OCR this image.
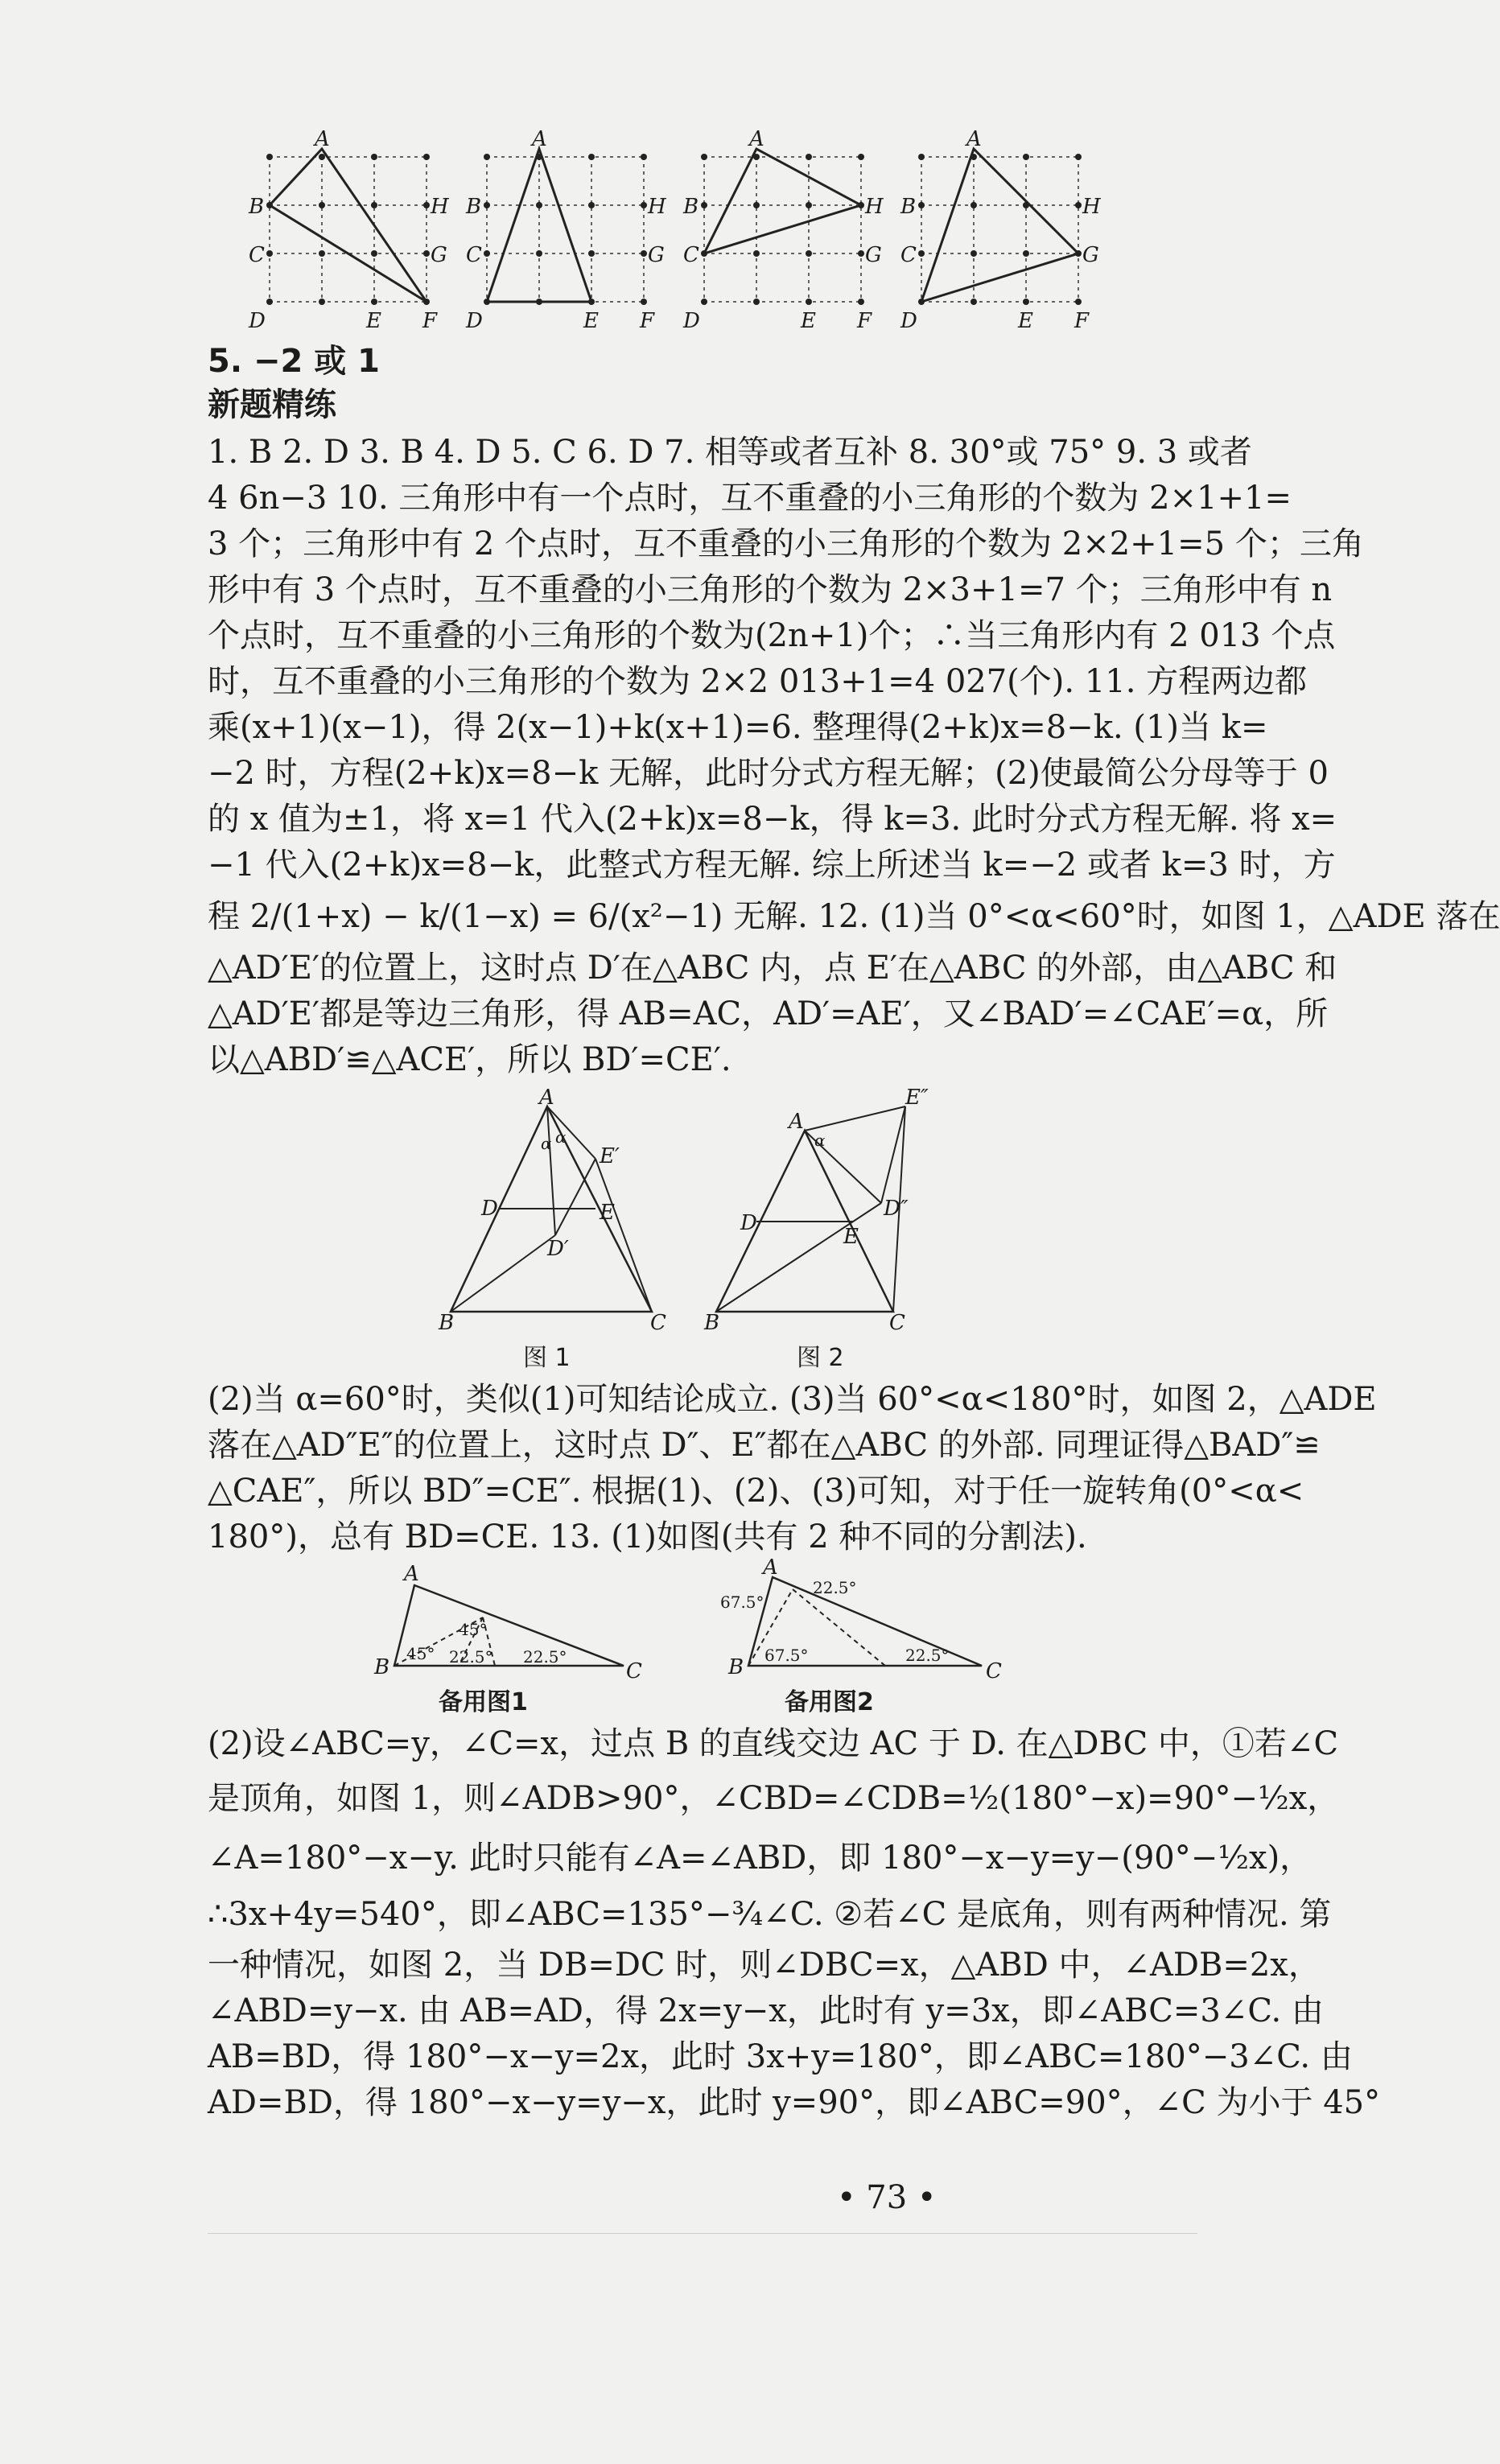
A
B	H
C	G
D	E F
A
B	H
C	G
D	E F
A
B	H
C	G
D	E F
A
B	H
C	G
D	E F
5. −2 或 1
新题精练
1. B 2. D 3. B 4. D 5. C 6. D 7. 相等或者互补 8. 30°或 75° 9. 3 或者
4 6n−3 10. 三角形中有一个点时，互不重叠的小三角形的个数为 2×1+1=
3 个；三角形中有 2 个点时，互不重叠的小三角形的个数为 2×2+1=5 个；三角
形中有 3 个点时，互不重叠的小三角形的个数为 2×3+1=7 个；三角形中有 n
个点时，互不重叠的小三角形的个数为(2n+1)个；∴当三角形内有 2 013 个点
时，互不重叠的小三角形的个数为 2×2 013+1=4 027(个). 11. 方程两边都
乘(x+1)(x−1)，得 2(x−1)+k(x+1)=6. 整理得(2+k)x=8−k. (1)当 k=
−2 时，方程(2+k)x=8−k 无解，此时分式方程无解；(2)使最简公分母等于 0
的 x 值为±1，将 x=1 代入(2+k)x=8−k，得 k=3. 此时分式方程无解. 将 x=
−1 代入(2+k)x=8−k，此整式方程无解. 综上所述当 k=−2 或者 k=3 时，方
程 2/(1+x) − k/(1−x) = 6/(x²−1) 无解. 12. (1)当 0°<α<60°时，如图 1，△ADE 落在
△AD′E′的位置上，这时点 D′在△ABC 内，点 E′在△ABC 的外部，由△ABC 和
△AD′E′都是等边三角形，得 AB=AC，AD′=AE′，又∠BAD′=∠CAE′=α，所
以△ABD′≌△ACE′，所以 BD′=CE′.
A
α α
E′
D	E
D′
B	C
A
α
E″
D
E
D″
B	C
图 1	图 2
(2)当 α=60°时，类似(1)可知结论成立. (3)当 60°<α<180°时，如图 2，△ADE
落在△AD″E″的位置上，这时点 D″、E″都在△ABC 的外部. 同理证得△BAD″≌
△CAE″，所以 BD″=CE″. 根据(1)、(2)、(3)可知，对于任一旋转角(0°<α<
180°)，总有 BD=CE. 13. (1)如图(共有 2 种不同的分割法).
A
B	C
45°
45° 22.5° 22.5°
A
B	C
67.5°
22.5°
67.5°	22.5°
备用图1	备用图2
(2)设∠ABC=y，∠C=x，过点 B 的直线交边 AC 于 D. 在△DBC 中，①若∠C
是顶角，如图 1，则∠ADB>90°，∠CBD=∠CDB=½(180°−x)=90°−½x，
∠A=180°−x−y. 此时只能有∠A=∠ABD，即 180°−x−y=y−(90°−½x)，
∴3x+4y=540°，即∠ABC=135°−¾∠C. ②若∠C 是底角，则有两种情况. 第
一种情况，如图 2，当 DB=DC 时，则∠DBC=x，△ABD 中，∠ADB=2x，
∠ABD=y−x. 由 AB=AD，得 2x=y−x，此时有 y=3x，即∠ABC=3∠C. 由
AB=BD，得 180°−x−y=2x，此时 3x+y=180°，即∠ABC=180°−3∠C. 由
AD=BD，得 180°−x−y=y−x，此时 y=90°，即∠ABC=90°，∠C 为小于 45°
• 73 •
